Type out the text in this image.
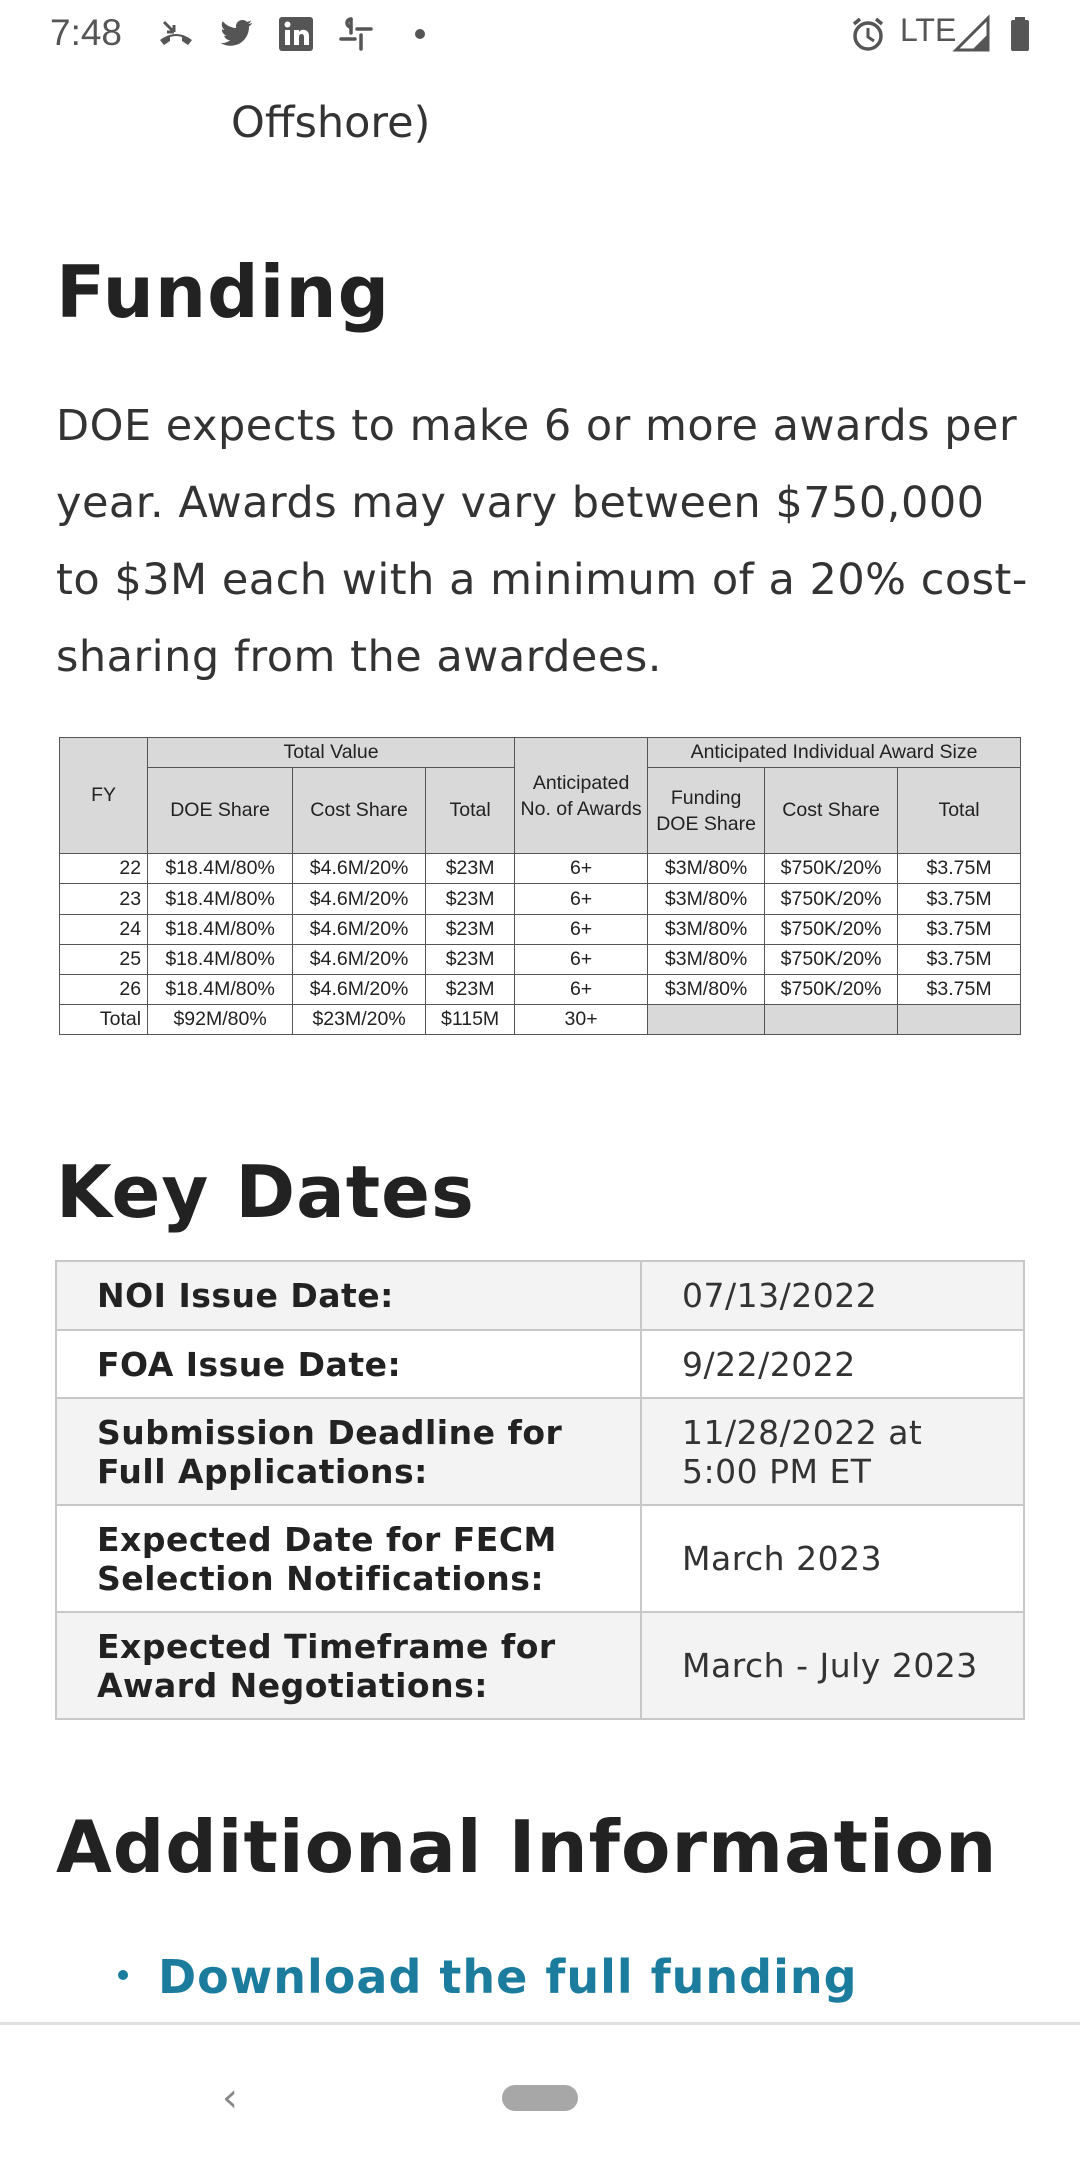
7:48	LTE
Offshore)
Funding
DOE expects to make 6 or more awards per year. Awards may vary between $750,000 to $3M each with a minimum of a 20% cost-sharing from the awardees.
FY	Total Value			Anticipated No. of Awards	Anticipated Individual Award Size		
	DOE Share	Cost Share	Total		Funding DOE Share	Cost Share	Total
22	$18.4M/80%	$4.6M/20%	$23M	6+	$3M/80%	$750K/20%	$3.75M
23	$18.4M/80%	$4.6M/20%	$23M	6+	$3M/80%	$750K/20%	$3.75M
24	$18.4M/80%	$4.6M/20%	$23M	6+	$3M/80%	$750K/20%	$3.75M
25	$18.4M/80%	$4.6M/20%	$23M	6+	$3M/80%	$750K/20%	$3.75M
26	$18.4M/80%	$4.6M/20%	$23M	6+	$3M/80%	$750K/20%	$3.75M
Total	$92M/80%	$23M/20%	$115M	30+			
Key Dates
NOI Issue Date:	07/13/2022
FOA Issue Date:	9/22/2022
Submission Deadline for Full Applications:	11/28/2022 at 5:00 PM ET
Expected Date for FECM Selection Notifications:	March 2023
Expected Timeframe for Award Negotiations:	March - July 2023
Additional Information
Download the full funding
‹
